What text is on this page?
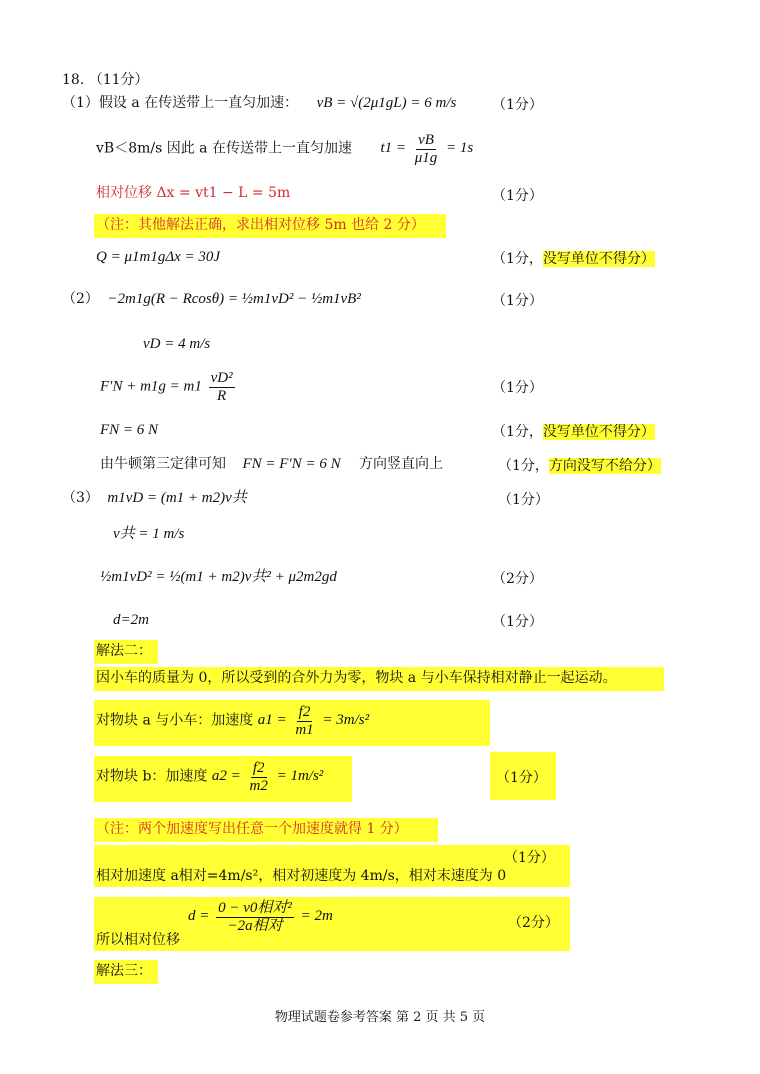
18. （11分）
（1）假设 a 在传送带上一直匀加速： vB = √(2μ1gL) = 6 m/s	（1分）
vB＜8m/s 因此 a 在传送带上一直匀加速 $t1 = \frac{vB}{\mu 1g} = 1s$
相对位移 Δx = vt1 − L = 5m	（1分）
（注：其他解法正确，求出相对位移 5m 也给 2 分）
Q = μ1m1gΔx = 30J	（1分，没写单位不得分）
（2） −2m1g(R − Rcosθ) = ½m1vD² − ½m1vB²	（1分）
vD = 4 m/s
$F'N + m1g = m1 \frac{\text{vD²}}{R}$	（1分）
FN = 6 N	（1分，没写单位不得分）
由牛顿第三定律可知 FN = F′N = 6 N 方向竖直向上	（1分，方向没写不给分）
（3） m1vD = (m1 + m2)v共	（1分）
v共 = 1 m/s
½m1vD² = ½(m1 + m2)v共² + μ2m2gd	（2分）
d=2m	（1分）
解法二：
因小车的质量为 0，所以受到的合外力为零，物块 a 与小车保持相对静止一起运动。
对物块 a 与小车：加速度 $a1 = \frac{f2}{m1} = 3m/s^2$
对物块 b：加速度 $a2 = \frac{f2}{m2} = 1m/s^2$	（1分）
（注：两个加速度写出任意一个加速度就得 1 分）
（1分）
相对加速度 a相对=4m/s²，相对初速度为 4m/s，相对末速度为 0
$d = \frac{\text{0 − v0相对²}}{\text{−2a相对}} = 2m$	（2分）
所以相对位移
解法三：
物理试题卷参考答案 第 2 页 共 5 页
